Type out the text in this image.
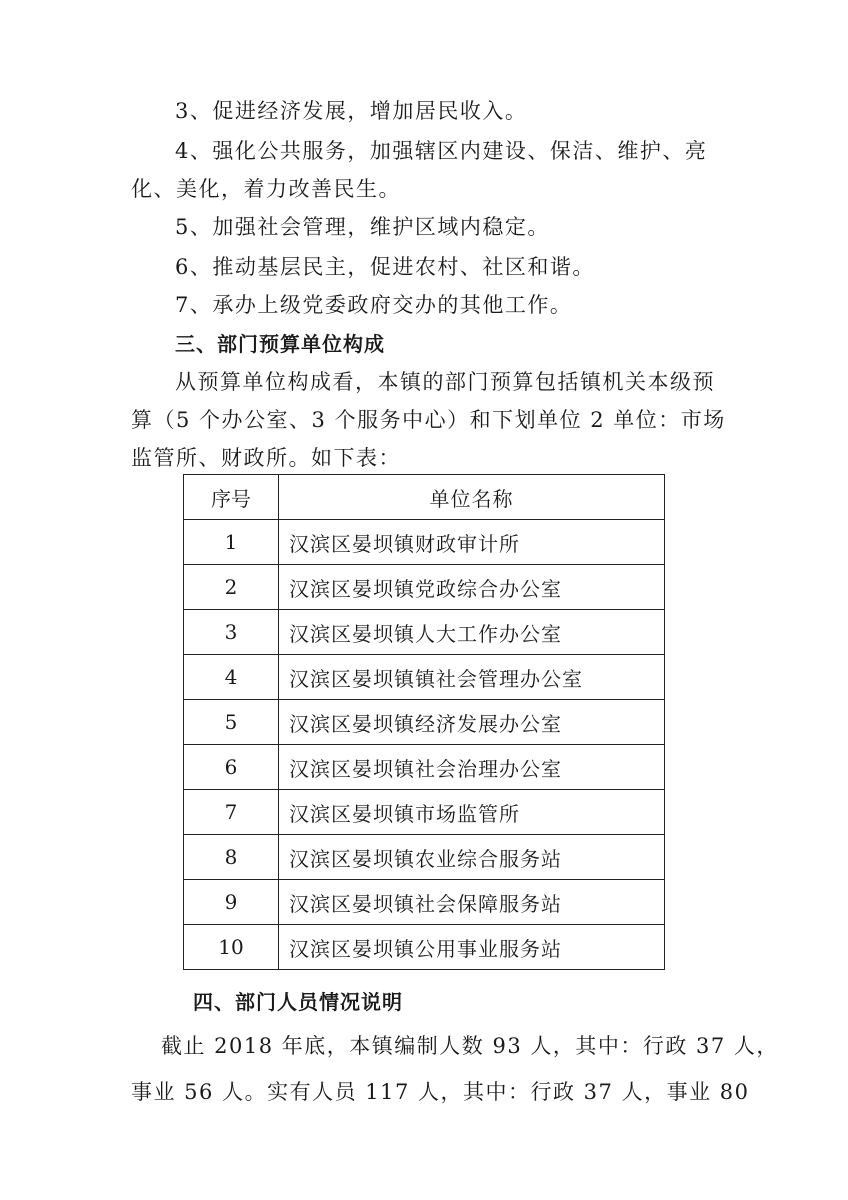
3、促进经济发展，增加居民收入。
4、强化公共服务，加强辖区内建设、保洁、维护、亮
化、美化，着力改善民生。
5、加强社会管理，维护区域内稳定。
6、推动基层民主，促进农村、社区和谐。
7、承办上级党委政府交办的其他工作。
三、部门预算单位构成
从预算单位构成看，本镇的部门预算包括镇机关本级预
算（5 个办公室、3 个服务中心）和下划单位 2 单位：市场
监管所、财政所。如下表：
序号	单位名称
1	汉滨区晏坝镇财政审计所
2	汉滨区晏坝镇党政综合办公室
3	汉滨区晏坝镇人大工作办公室
4	汉滨区晏坝镇镇社会管理办公室
5	汉滨区晏坝镇经济发展办公室
6	汉滨区晏坝镇社会治理办公室
7	汉滨区晏坝镇市场监管所
8	汉滨区晏坝镇农业综合服务站
9	汉滨区晏坝镇社会保障服务站
10	汉滨区晏坝镇公用事业服务站
四、部门人员情况说明
截止 2018 年底，本镇编制人数 93 人，其中：行政 37 人，
事业 56 人。实有人员 117 人，其中：行政 37 人，事业 80
